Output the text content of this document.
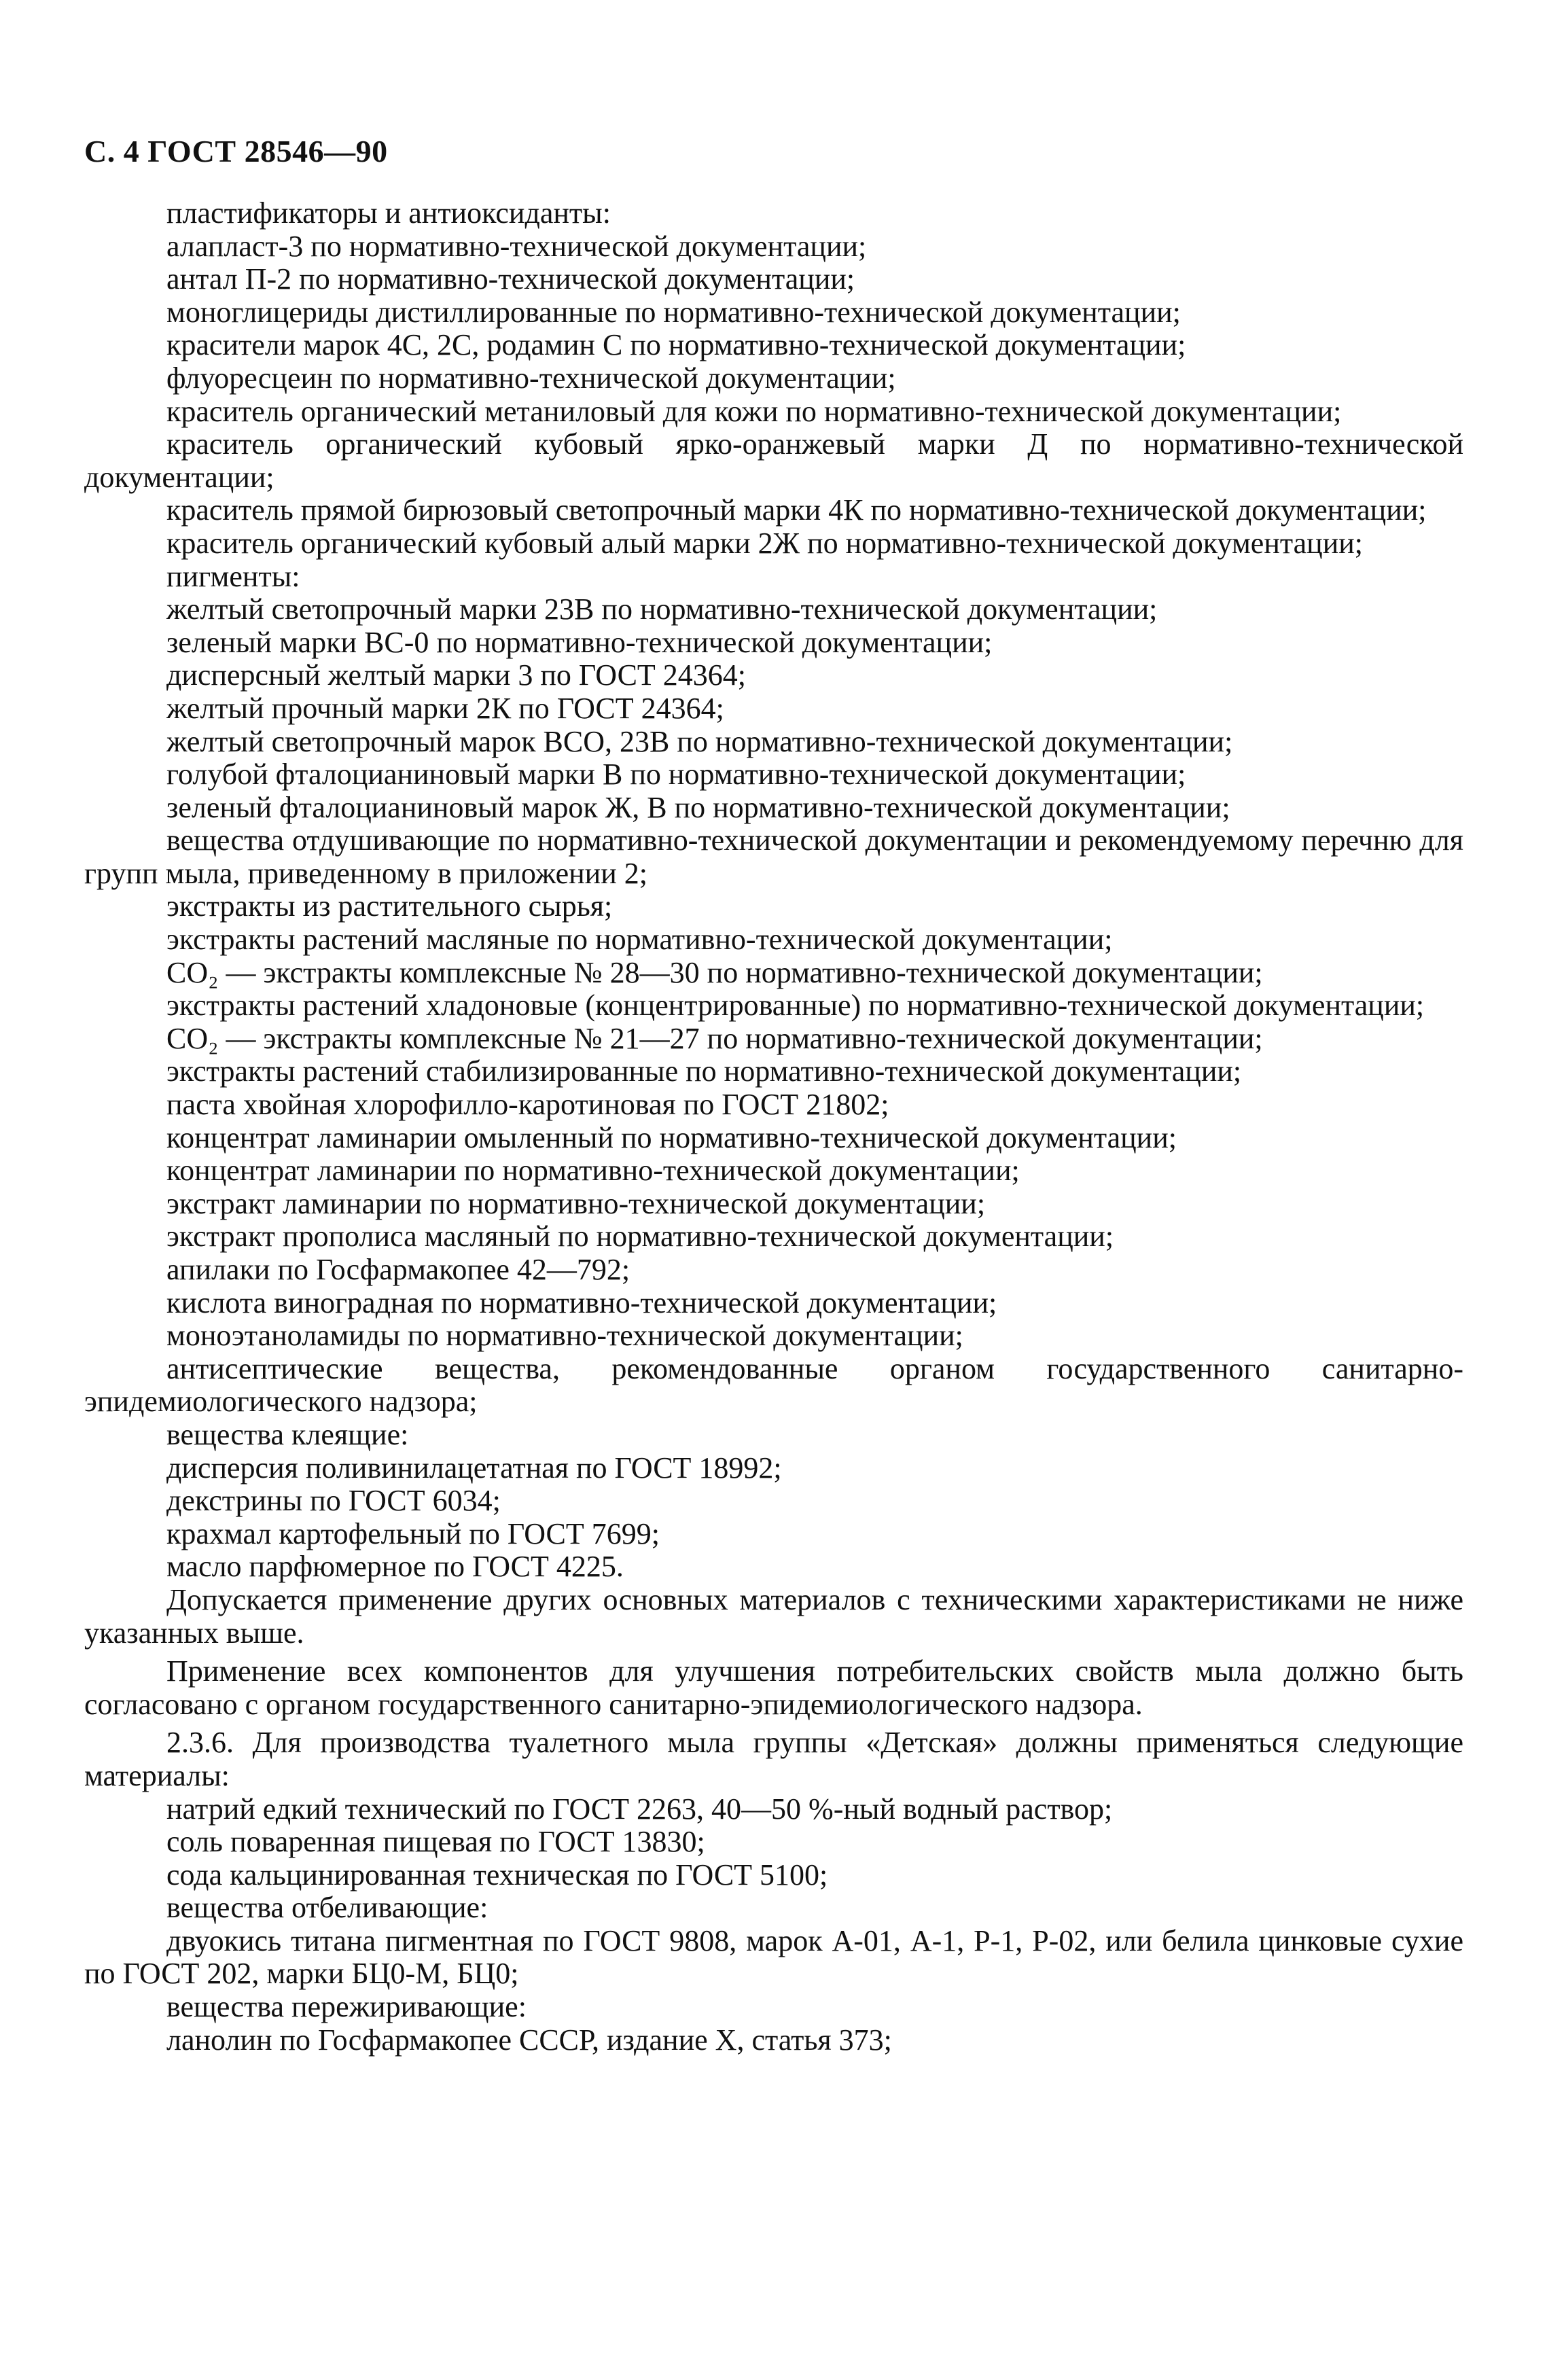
С. 4 ГОСТ 28546—90

пластификаторы и антиоксиданты:

алапласт-3 по нормативно-технической документации;

антал П-2 по нормативно-технической документации;

моноглицериды дистиллированные по нормативно-технической документации;

красители марок 4С, 2С, родамин С по нормативно-технической документации;

флуоресцеин по нормативно-технической документации;

краситель органический метаниловый для кожи по нормативно-технической документации;

краситель органический кубовый ярко-оранжевый марки Д по нормативно-технической документации;

краситель прямой бирюзовый светопрочный марки 4К по нормативно-технической документации;

краситель органический кубовый алый марки 2Ж по нормативно-технической документации;

пигменты:

желтый светопрочный марки 23В по нормативно-технической документации;

зеленый марки ВС-0 по нормативно-технической документации;

дисперсный желтый марки 3 по ГОСТ 24364;

желтый прочный марки 2К по ГОСТ 24364;

желтый светопрочный марок ВСО, 23В по нормативно-технической документации;

голубой фталоцианиновый марки В по нормативно-технической документации;

зеленый фталоцианиновый марок Ж, В по нормативно-технической документации;

вещества отдушивающие по нормативно-технической документации и рекомендуемому перечню для групп мыла, приведенному в приложении 2;

экстракты из растительного сырья;

экстракты растений масляные по нормативно-технической документации;

СО₂ — экстракты комплексные № 28—30 по нормативно-технической документации;

экстракты растений хладоновые (концентрированные) по нормативно-технической документации;

СО₂ — экстракты комплексные № 21—27 по нормативно-технической документации;

экстракты растений стабилизированные по нормативно-технической документации;

паста хвойная хлорофилло-каротиновая по ГОСТ 21802;

концентрат ламинарии омыленный по нормативно-технической документации;

концентрат ламинарии по нормативно-технической документации;

экстракт ламинарии по нормативно-технической документации;

экстракт прополиса масляный по нормативно-технической документации;

апилаки по Госфармакопее 42—792;

кислота виноградная по нормативно-технической документации;

моноэтаноламиды по нормативно-технической документации;

антисептические вещества, рекомендованные органом государственного санитарно-эпидемиологического надзора;

вещества клеящие:

дисперсия поливинилацетатная по ГОСТ 18992;

декстрины по ГОСТ 6034;

крахмал картофельный по ГОСТ 7699;

масло парфюмерное по ГОСТ 4225.

Допускается применение других основных материалов с техническими характеристиками не ниже указанных выше.

Применение всех компонентов для улучшения потребительских свойств мыла должно быть согласовано с органом государственного санитарно-эпидемиологического надзора.

2.3.6. Для производства туалетного мыла группы «Детская» должны применяться следующие материалы:

натрий едкий технический по ГОСТ 2263, 40—50 %-ный водный раствор;

соль поваренная пищевая по ГОСТ 13830;

сода кальцинированная техническая по ГОСТ 5100;

вещества отбеливающие:

двуокись титана пигментная по ГОСТ 9808, марок А-01, А-1, Р-1, Р-02, или белила цинковые сухие по ГОСТ 202, марки БЦ0-М, БЦ0;

вещества пережиривающие:

ланолин по Госфармакопее СССР, издание X, статья 373;
